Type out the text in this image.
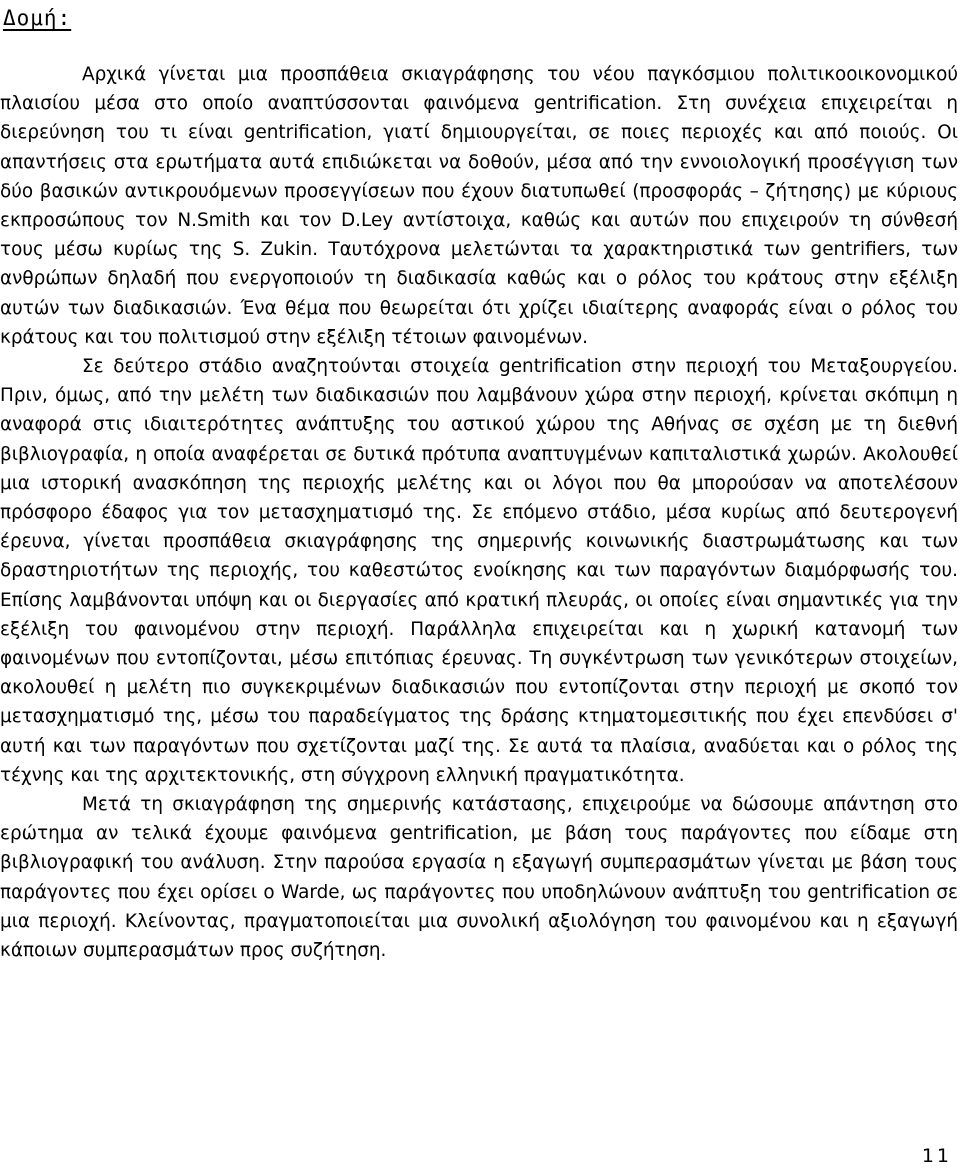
Δομή:

Αρχικά γίνεται μια προσπάθεια σκιαγράφησης του νέου παγκόσμιου πολιτικοοικονομικού πλαισίου μέσα στο οποίο αναπτύσσονται φαινόμενα gentrification. Στη συνέχεια επιχειρείται η διερεύνηση του τι είναι gentrification, γιατί δημιουργείται, σε ποιες περιοχές και από ποιούς. Οι απαντήσεις στα ερωτήματα αυτά επιδιώκεται να δοθούν, μέσα από την εννοιολογική προσέγγιση των δύο βασικών αντικρουόμενων προσεγγίσεων που έχουν διατυπωθεί (προσφοράς – ζήτησης) με κύριους εκπροσώπους τον N.Smith και τον D.Ley αντίστοιχα, καθώς και αυτών που επιχειρούν τη σύνθεσή τους μέσω κυρίως της S. Zukin. Ταυτόχρονα μελετώνται τα χαρακτηριστικά των gentrifiers, των ανθρώπων δηλαδή που ενεργοποιούν τη διαδικασία καθώς και ο ρόλος του κράτους στην εξέλιξη αυτών των διαδικασιών. Ένα θέμα που θεωρείται ότι χρίζει ιδιαίτερης αναφοράς είναι ο ρόλος του κράτους και του πολιτισμού στην εξέλιξη τέτοιων φαινομένων.

Σε δεύτερο στάδιο αναζητούνται στοιχεία gentrification στην περιοχή του Μεταξουργείου. Πριν, όμως, από την μελέτη των διαδικασιών που λαμβάνουν χώρα στην περιοχή, κρίνεται σκόπιμη η αναφορά στις ιδιαιτερότητες ανάπτυξης του αστικού χώρου της Αθήνας σε σχέση με τη διεθνή βιβλιογραφία, η οποία αναφέρεται σε δυτικά πρότυπα αναπτυγμένων καπιταλιστικά χωρών. Ακολουθεί μια ιστορική ανασκόπηση της περιοχής μελέτης και οι λόγοι που θα μπορούσαν να αποτελέσουν πρόσφορο έδαφος για τον μετασχηματισμό της. Σε επόμενο στάδιο, μέσα κυρίως από δευτερογενή έρευνα, γίνεται προσπάθεια σκιαγράφησης της σημερινής κοινωνικής διαστρωμάτωσης και των δραστηριοτήτων της περιοχής, του καθεστώτος ενοίκησης και των παραγόντων διαμόρφωσής του. Επίσης λαμβάνονται υπόψη και οι διεργασίες από κρατική πλευράς, οι οποίες είναι σημαντικές για την εξέλιξη του φαινομένου στην περιοχή. Παράλληλα επιχειρείται και η χωρική κατανομή των φαινομένων που εντοπίζονται, μέσω επιτόπιας έρευνας. Τη συγκέντρωση των γενικότερων στοιχείων, ακολουθεί η μελέτη πιο συγκεκριμένων διαδικασιών που εντοπίζονται στην περιοχή με σκοπό τον μετασχηματισμό της, μέσω του παραδείγματος της δράσης κτηματομεσιτικής που έχει επενδύσει σ' αυτή και των παραγόντων που σχετίζονται μαζί της. Σε αυτά τα πλαίσια, αναδύεται και ο ρόλος της τέχνης και της αρχιτεκτονικής, στη σύγχρονη ελληνική πραγματικότητα.

Μετά τη σκιαγράφηση της σημερινής κατάστασης, επιχειρούμε να δώσουμε απάντηση στο ερώτημα αν τελικά έχουμε φαινόμενα gentrification, με βάση τους παράγοντες που είδαμε στη βιβλιογραφική του ανάλυση. Στην παρούσα εργασία η εξαγωγή συμπερασμάτων γίνεται με βάση τους παράγοντες που έχει ορίσει ο Warde, ως παράγοντες που υποδηλώνουν ανάπτυξη του gentrification σε μια περιοχή. Κλείνοντας, πραγματοποιείται μια συνολική αξιολόγηση του φαινομένου και η εξαγωγή κάποιων συμπερασμάτων προς συζήτηση.

11
